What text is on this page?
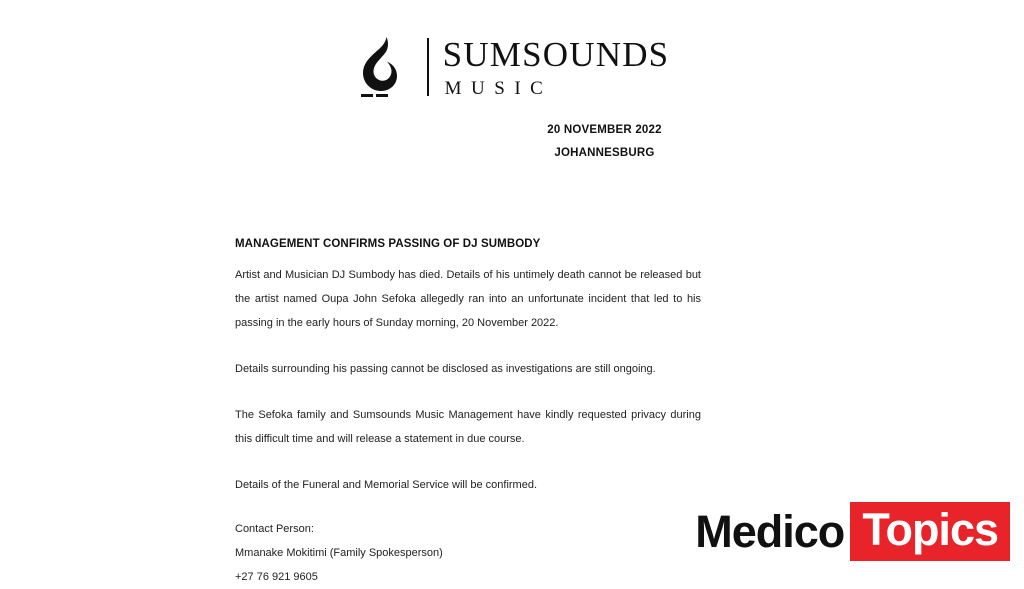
SUMSOUNDS
MUSIC
20 NOVEMBER 2022
JOHANNESBURG
MANAGEMENT CONFIRMS PASSING OF DJ SUMBODY

Artist and Musician DJ Sumbody has died. Details of his untimely death cannot be released but the artist named Oupa John Sefoka allegedly ran into an unfortunate incident that led to his passing in the early hours of Sunday morning, 20 November 2022.

Details surrounding his passing cannot be disclosed as investigations are still ongoing.

The Sefoka family and Sumsounds Music Management have kindly requested privacy during this difficult time and will release a statement in due course.

Details of the Funeral and Memorial Service will be confirmed.

Contact Person:
Mmanake Mokitimi (Family Spokesperson)
+27 76 921 9605
Medico Topics
